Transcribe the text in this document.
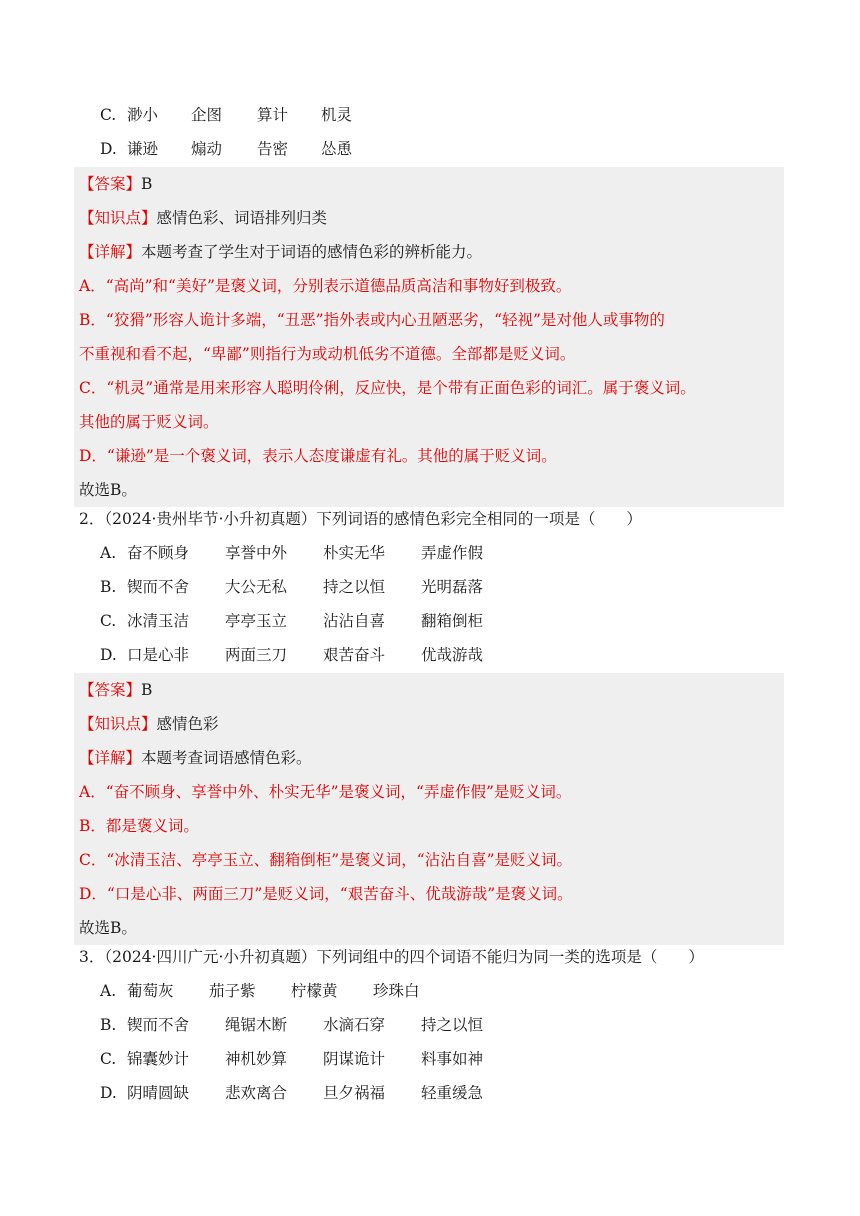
C. 渺小 企图 算计 机灵
D. 谦逊 煽动 告密 怂恿
【答案】B
【知识点】感情色彩、词语排列归类
【详解】本题考查了学生对于词语的感情色彩的辨析能力。
A．“高尚”和“美好”是褒义词，分别表示道德品质高洁和事物好到极致。
B．“狡猾”形容人诡计多端，“丑恶”指外表或内心丑陋恶劣，“轻视”是对他人或事物的
不重视和看不起，“卑鄙”则指行为或动机低劣不道德。全部都是贬义词。
C．“机灵”通常是用来形容人聪明伶俐，反应快，是个带有正面色彩的词汇。属于褒义词。
其他的属于贬义词。
D．“谦逊”是一个褒义词，表示人态度谦虚有礼。其他的属于贬义词。
故选B。
2．（2024·贵州毕节·小升初真题）下列词语的感情色彩完全相同的一项是（　　）
A. 奋不顾身 享誉中外 朴实无华 弄虚作假
B. 锲而不舍 大公无私 持之以恒 光明磊落
C. 冰清玉洁 亭亭玉立 沾沾自喜 翻箱倒柜
D. 口是心非 两面三刀 艰苦奋斗 优哉游哉
【答案】B
【知识点】感情色彩
【详解】本题考查词语感情色彩。
A．“奋不顾身、享誉中外、朴实无华”是褒义词，“弄虚作假”是贬义词。
B．都是褒义词。
C．“冰清玉洁、亭亭玉立、翻箱倒柜”是褒义词，“沾沾自喜”是贬义词。
D．“口是心非、两面三刀”是贬义词，“艰苦奋斗、优哉游哉”是褒义词。
故选B。
3．（2024·四川广元·小升初真题）下列词组中的四个词语不能归为同一类的选项是（　　）
A. 葡萄灰 茄子紫 柠檬黄 珍珠白
B. 锲而不舍 绳锯木断 水滴石穿 持之以恒
C. 锦囊妙计 神机妙算 阴谋诡计 料事如神
D. 阴晴圆缺 悲欢离合 旦夕祸福 轻重缓急
